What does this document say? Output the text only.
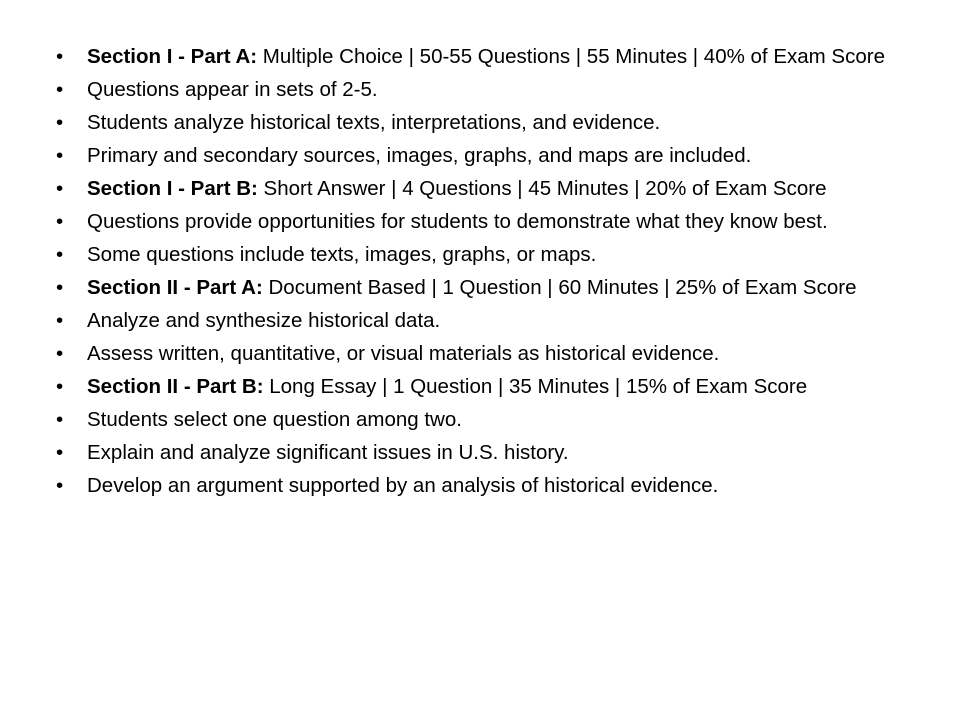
• Section I - Part A: Multiple Choice | 50-55 Questions | 55 Minutes | 40% of Exam Score
• Questions appear in sets of 2-5.
• Students analyze historical texts, interpretations, and evidence.
• Primary and secondary sources, images, graphs, and maps are included.
• Section I - Part B: Short Answer | 4 Questions | 45 Minutes | 20% of Exam Score
• Questions provide opportunities for students to demonstrate what they know best.
• Some questions include texts, images, graphs, or maps.
• Section II - Part A: Document Based | 1 Question | 60 Minutes | 25% of Exam Score
• Analyze and synthesize historical data.
• Assess written, quantitative, or visual materials as historical evidence.
• Section II - Part B: Long Essay | 1 Question | 35 Minutes | 15% of Exam Score
• Students select one question among two.
• Explain and analyze significant issues in U.S. history.
• Develop an argument supported by an analysis of historical evidence.
